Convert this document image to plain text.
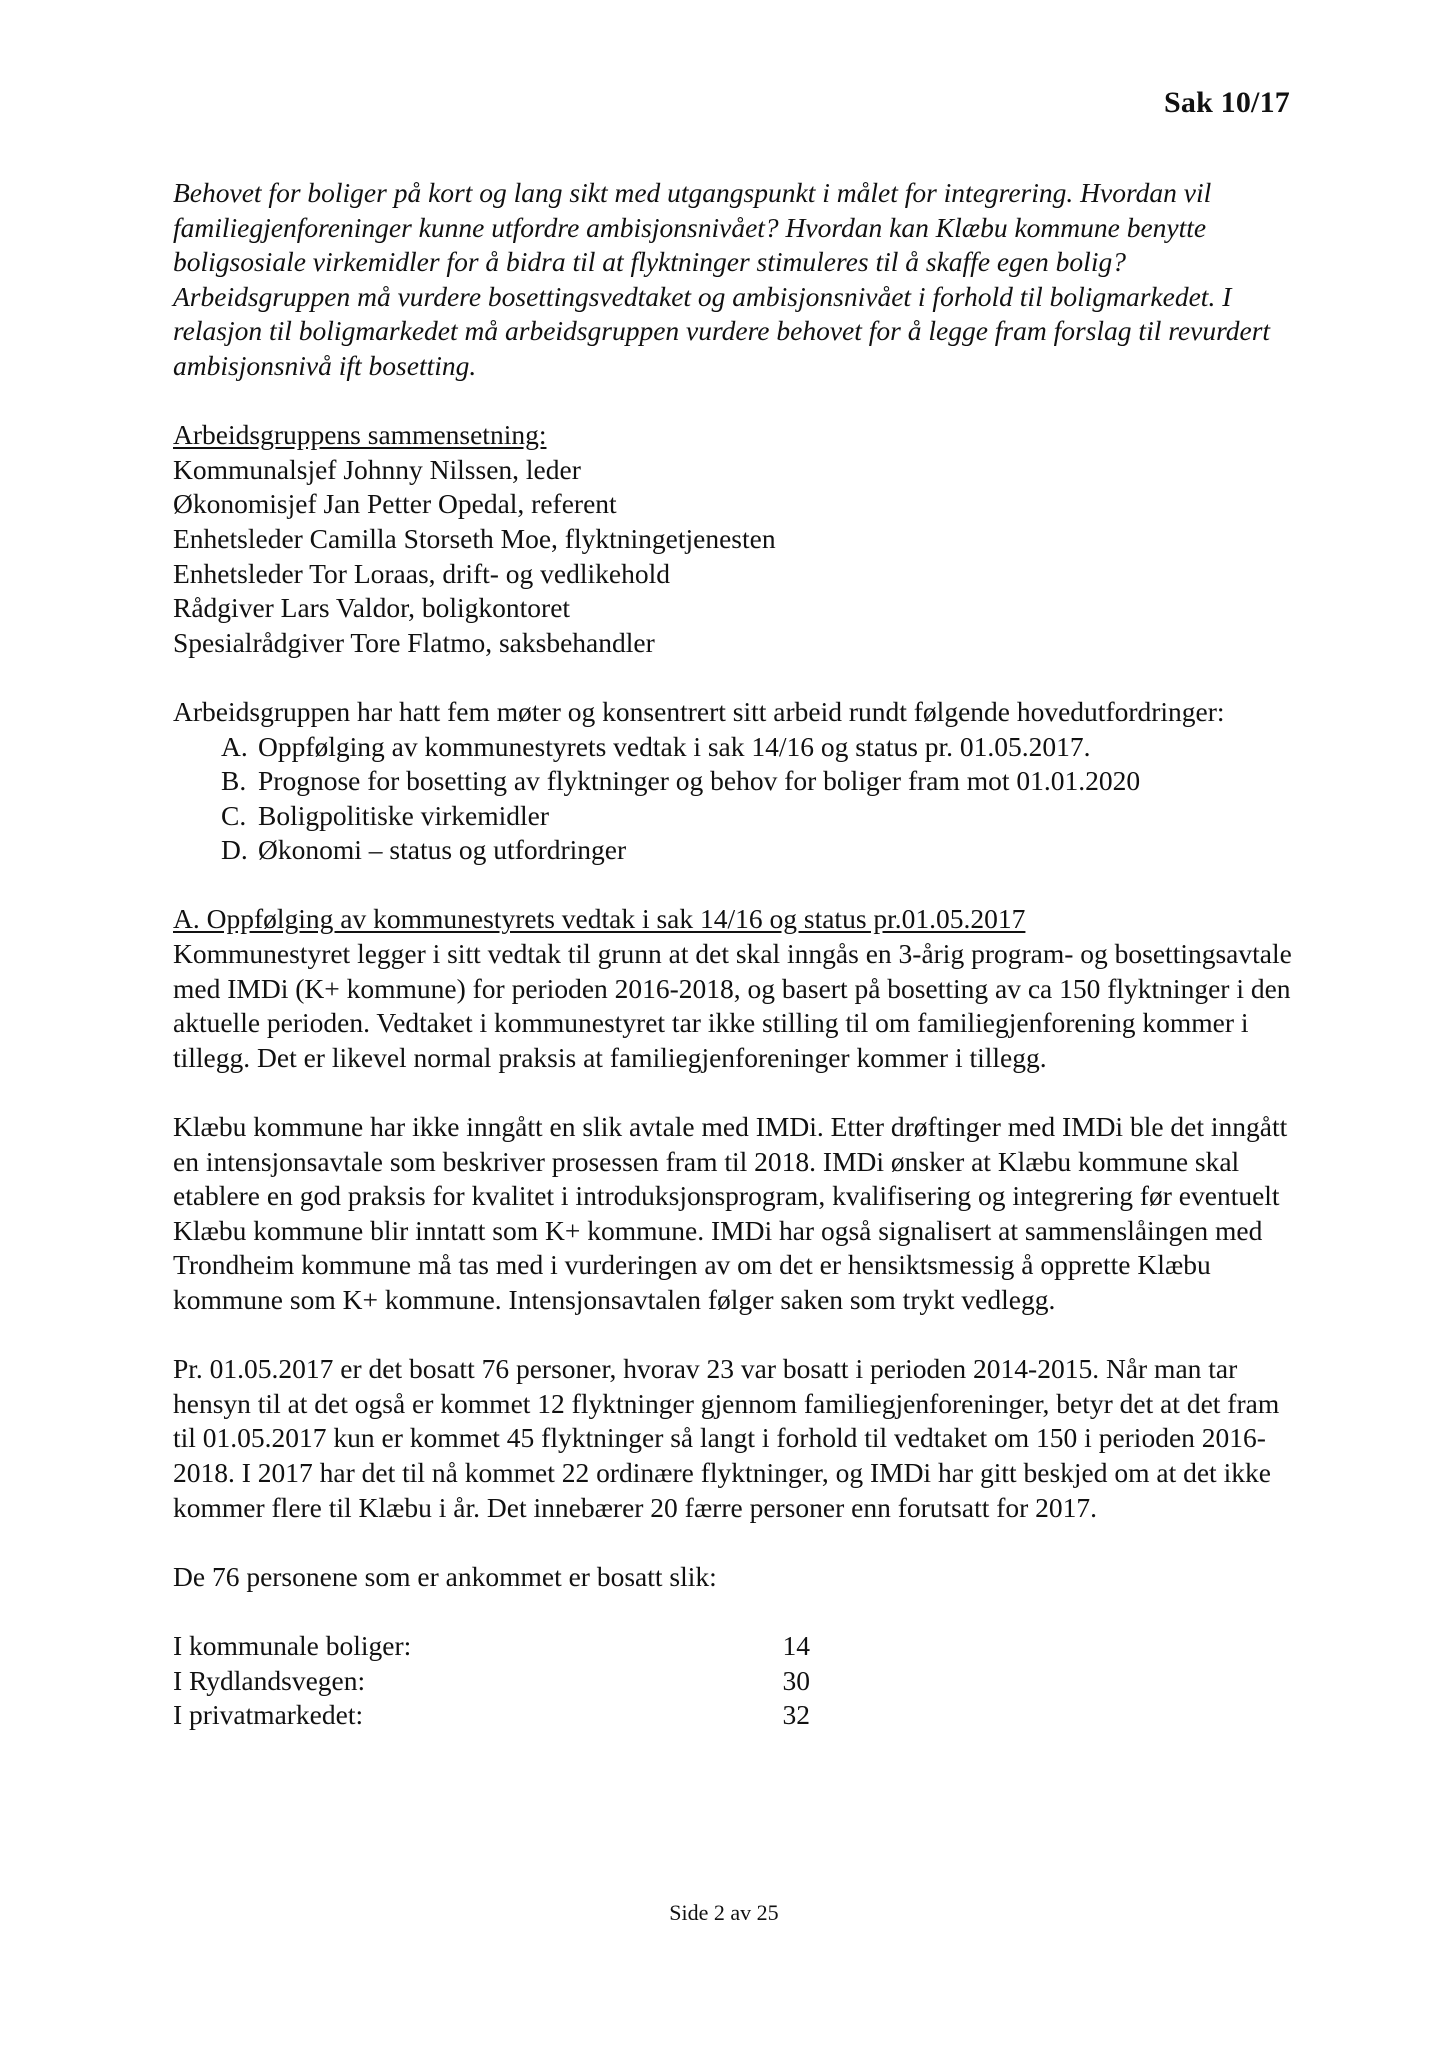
Sak 10/17

Behovet for boliger på kort og lang sikt med utgangspunkt i målet for integrering. Hvordan vil familiegjenforeninger kunne utfordre ambisjonsnivået? Hvordan kan Klæbu kommune benytte boligsosiale virkemidler for å bidra til at flyktninger stimuleres til å skaffe egen bolig? Arbeidsgruppen må vurdere bosettingsvedtaket og ambisjonsnivået i forhold til boligmarkedet. I relasjon til boligmarkedet må arbeidsgruppen vurdere behovet for å legge fram forslag til revurdert ambisjonsnivå ift bosetting.

Arbeidsgruppens sammensetning:

Kommunalsjef Johnny Nilssen, leder

Økonomisjef Jan Petter Opedal, referent

Enhetsleder Camilla Storseth Moe, flyktningetjenesten

Enhetsleder Tor Loraas, drift- og vedlikehold

Rådgiver Lars Valdor, boligkontoret

Spesialrådgiver Tore Flatmo, saksbehandler

Arbeidsgruppen har hatt fem møter og konsentrert sitt arbeid rundt følgende hovedutfordringer:

A. Oppfølging av kommunestyrets vedtak i sak 14/16 og status pr. 01.05.2017.
B. Prognose for bosetting av flyktninger og behov for boliger fram mot 01.01.2020
C. Boligpolitiske virkemidler
D. Økonomi – status og utfordringer

A. Oppfølging av kommunestyrets vedtak i sak 14/16 og status pr.01.05.2017

Kommunestyret legger i sitt vedtak til grunn at det skal inngås en 3-årig program- og bosettingsavtale med IMDi (K+ kommune) for perioden 2016-2018, og basert på bosetting av ca 150 flyktninger i den aktuelle perioden. Vedtaket i kommunestyret tar ikke stilling til om familiegjenforening kommer i tillegg. Det er likevel normal praksis at familiegjenforeninger kommer i tillegg.

Klæbu kommune har ikke inngått en slik avtale med IMDi. Etter drøftinger med IMDi ble det inngått en intensjonsavtale som beskriver prosessen fram til 2018. IMDi ønsker at Klæbu kommune skal etablere en god praksis for kvalitet i introduksjonsprogram, kvalifisering og integrering før eventuelt Klæbu kommune blir inntatt som K+ kommune. IMDi har også signalisert at sammenslåingen med Trondheim kommune må tas med i vurderingen av om det er hensiktsmessig å opprette Klæbu kommune som K+ kommune. Intensjonsavtalen følger saken som trykt vedlegg.

Pr. 01.05.2017 er det bosatt 76 personer, hvorav 23 var bosatt i perioden 2014-2015. Når man tar hensyn til at det også er kommet 12 flyktninger gjennom familiegjenforeninger, betyr det at det fram til 01.05.2017 kun er kommet 45 flyktninger så langt i forhold til vedtaket om 150 i perioden 2016-2018. I 2017 har det til nå kommet 22 ordinære flyktninger, og IMDi har gitt beskjed om at det ikke kommer flere til Klæbu i år. Det innebærer 20 færre personer enn forutsatt for 2017.

De 76 personene som er ankommet er bosatt slik:

I kommunale boliger:	14
I Rydlandsvegen:	30
I privatmarkedet:	32
Side 2 av 25
